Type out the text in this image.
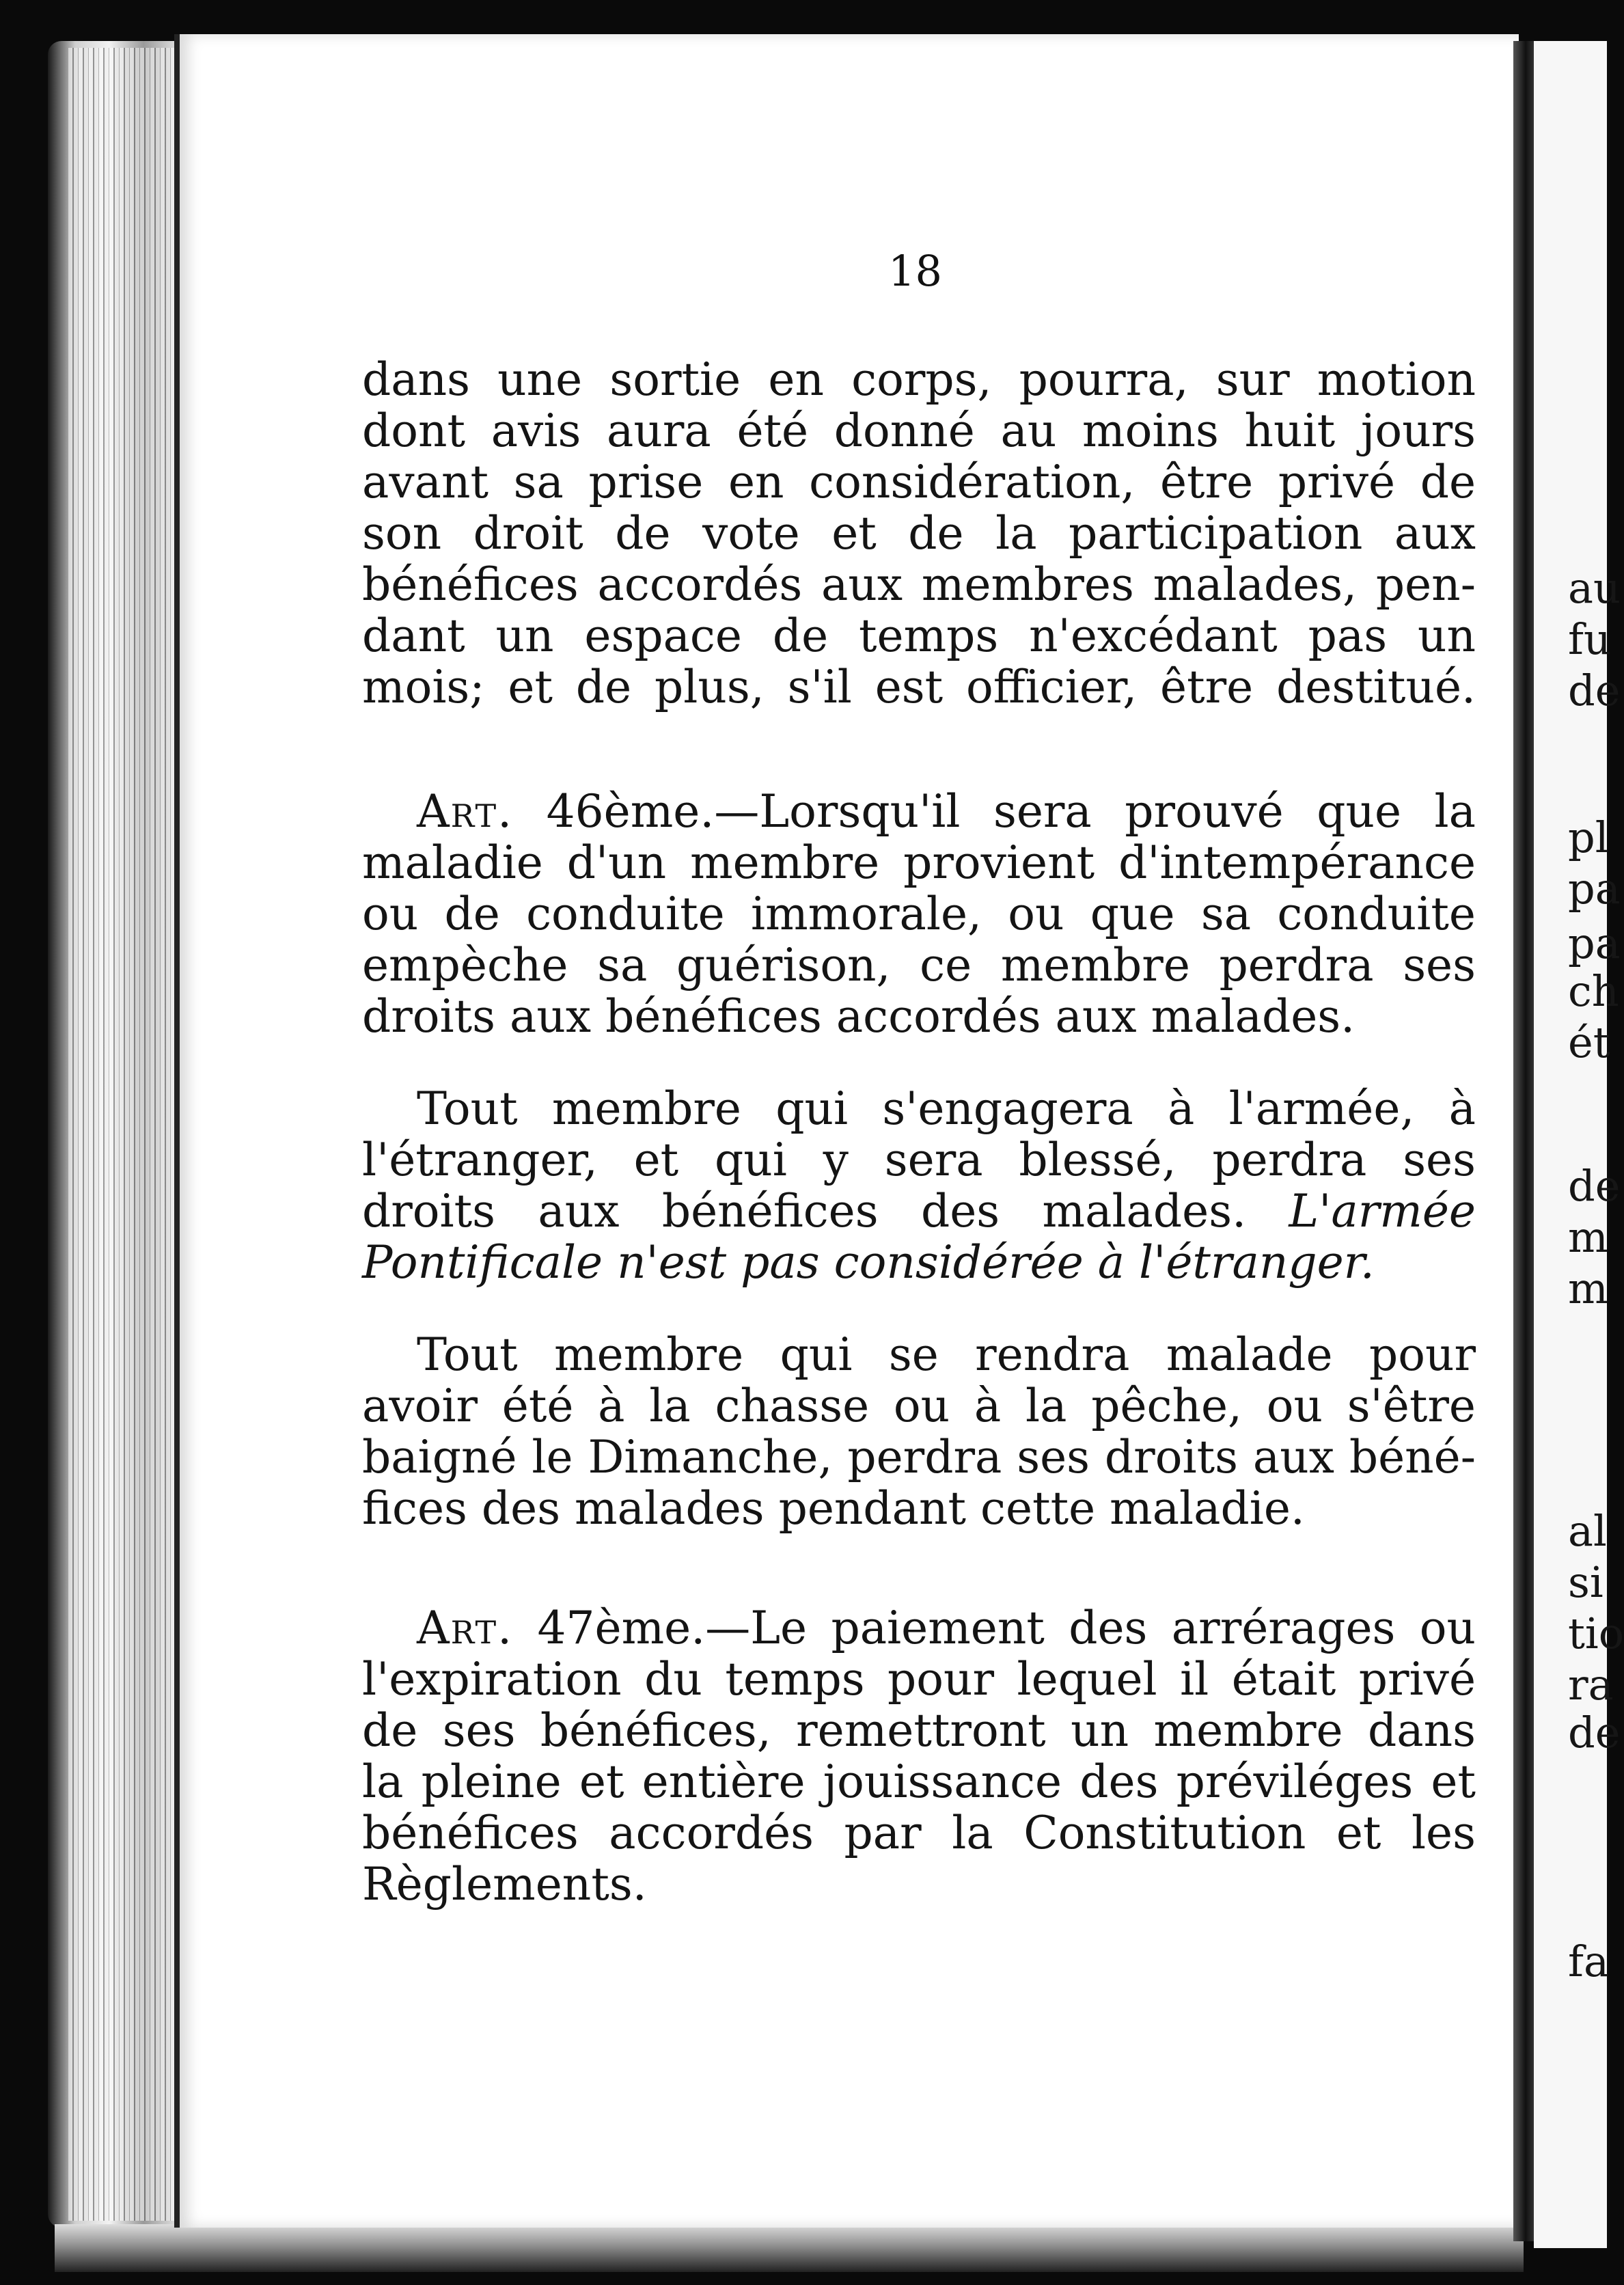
au
fu
de
pl
pa
pa
ch
ét
de
m
m
al
si
tio
ra
de
fa
18
dans une sortie en corps, pourra, sur motion
dont avis aura été donné au moins huit jours
avant sa prise en considération, être privé de
son droit de vote et de la participation aux
bénéfices accordés aux membres malades, pen-
dant un espace de temps n'excédant pas un
mois; et de plus, s'il est officier, être destitué.
Art. 46ème.—Lorsqu'il sera prouvé que la
maladie d'un membre provient d'intempérance
ou de conduite immorale, ou que sa conduite
empèche sa guérison, ce membre perdra ses
droits aux bénéfices accordés aux malades.
Tout membre qui s'engagera à l'armée, à
l'étranger, et qui y sera blessé, perdra ses
droits aux bénéfices des malades. L'armée
Pontificale n'est pas considérée à l'étranger.
Tout membre qui se rendra malade pour
avoir été à la chasse ou à la pêche, ou s'être
baigné le Dimanche, perdra ses droits aux béné-
fices des malades pendant cette maladie.
Art. 47ème.—Le paiement des arrérages ou
l'expiration du temps pour lequel il était privé
de ses bénéfices, remettront un membre dans
la pleine et entière jouissance des préviléges et
bénéfices accordés par la Constitution et les
Règlements.
